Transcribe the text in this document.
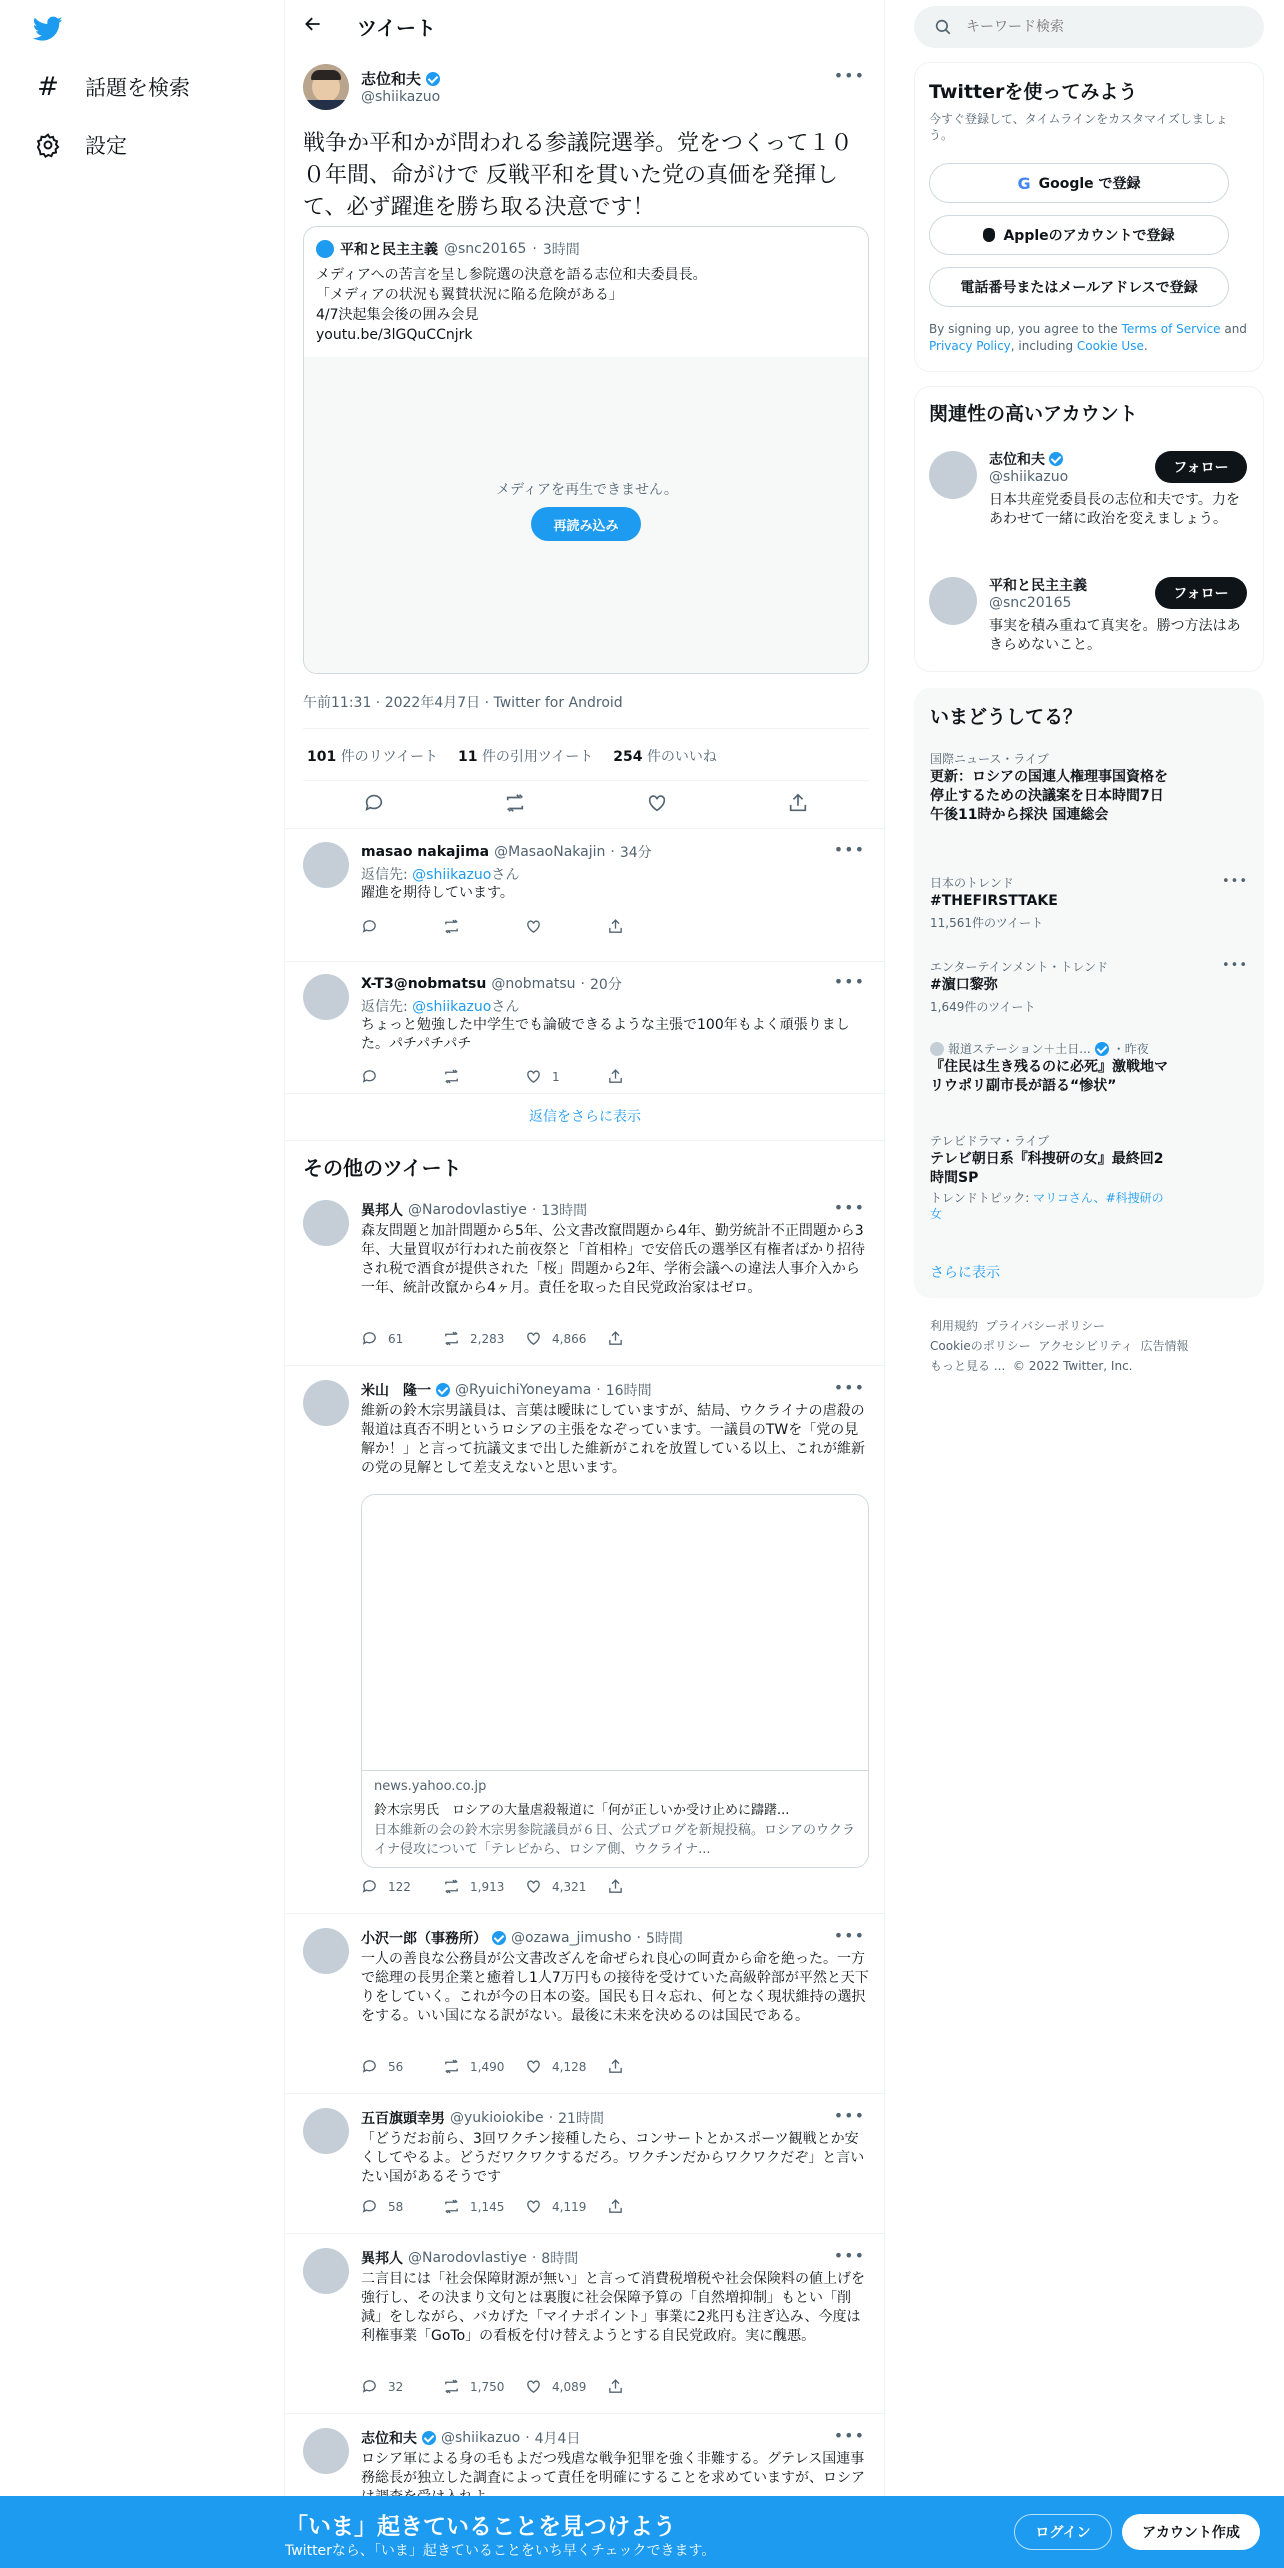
# 話題を検索
設定
ツイート
志位和夫
@shiikazuo
•••
戦争か平和かが問われる参議院選挙。党をつくって１００年間、命がけで 反戦平和を貫いた党の真価を発揮して、必ず躍進を勝ち取る決意です！
平和と民主主義 @snc20165 · 3時間
メディアへの苦言を呈し参院選の決意を語る志位和夫委員長。
「メディアの状況も翼賛状況に陥る危険がある」
4/7決起集会後の囲み会見
youtu.be/3lGQuCCnjrk
メディアを再生できません。
再読み込み
午前11:31 · 2022年4月7日 · Twitter for Android
101 件のリツイート 11 件の引用ツイート 254 件のいいね
masao nakajima @MasaoNakajin · 34分	•••
返信先: @shiikazuoさん
躍進を期待しています。
X-T3@nobmatsu @nobmatsu · 20分	•••
返信先: @shiikazuoさん
ちょっと勉強した中学生でも論破できるような主張で100年もよく頑張りました。パチパチパチ
1
返信をさらに表示
その他のツイート
異邦人 @Narodovlastiye · 13時間	•••
森友問題と加計問題から5年、公文書改竄問題から4年、勤労統計不正問題から3年、大量買収が行われた前夜祭と「首相枠」で安倍氏の選挙区有権者ばかり招待され税で酒食が提供された「桜」問題から2年、学術会議への違法人事介入から一年、統計改竄から4ヶ月。責任を取った自民党政治家はゼロ。
61	2,283	4,866
米山　隆一 @RyuichiYoneyama · 16時間	•••
維新の鈴木宗男議員は、言葉は曖昧にしていますが、結局、ウクライナの虐殺の報道は真否不明というロシアの主張をなぞっています。一議員のTWを「党の見解か！」と言って抗議文まで出した維新がこれを放置している以上、これが維新の党の見解として差支えないと思います。
news.yahoo.co.jp
鈴木宗男氏　ロシアの大量虐殺報道に「何が正しいか受け止めに躊躇...
日本維新の会の鈴木宗男参院議員が６日、公式ブログを新規投稿。ロシアのウクライナ侵攻について「テレビから、ロシア側、ウクライナ...
122	1,913	4,321
小沢一郎（事務所） @ozawa_jimusho · 5時間	•••
一人の善良な公務員が公文書改ざんを命ぜられ良心の呵責から命を絶った。一方で総理の長男企業と癒着し1人7万円もの接待を受けていた高級幹部が平然と天下りをしていく。これが今の日本の姿。国民も日々忘れ、何となく現状維持の選択をする。いい国になる訳がない。最後に未来を決めるのは国民である。
56	1,490	4,128
五百旗頭幸男 @yukioiokibe · 21時間	•••
「どうだお前ら、3回ワクチン接種したら、コンサートとかスポーツ観戦とか安くしてやるよ。どうだワクワクするだろ。ワクチンだからワクワクだぞ」と言いたい国があるそうです
58	1,145	4,119
異邦人 @Narodovlastiye · 8時間	•••
二言目には「社会保障財源が無い」と言って消費税増税や社会保険料の値上げを強行し、その決まり文句とは裏腹に社会保障予算の「自然増抑制」もとい「削減」をしながら、バカげた「マイナポイント」事業に2兆円も注ぎ込み、今度は利権事業「GoTo」の看板を付け替えようとする自民党政府。実に醜悪。
32	1,750	4,089
志位和夫 @shiikazuo · 4月4日	•••
ロシア軍による身の毛もよだつ残虐な戦争犯罪を強く非難する。グテレス国連事務総長が独立した調査によって責任を明確にすることを求めていますが、ロシア
キーワード検索
Twitterを使ってみよう
今すぐ登録して、タイムラインをカスタマイズしましょう。
G Google で登録
Appleのアカウントで登録
電話番号またはメールアドレスで登録
By signing up, you agree to the Terms of Service and Privacy Policy, including Cookie Use.
関連性の高いアカウント
志位和夫
@shiikazuo
日本共産党委員長の志位和夫です。力をあわせて一緒に政治を変えましょう。
フォロー
平和と民主主義
@snc20165
事実を積み重ねて真実を。勝つ方法はあきらめないこと。
フォロー
いまどうしてる？
国際ニュース・ライブ
更新：ロシアの国連人権理事国資格を停止するための決議案を日本時間7日午後11時から採決 国連総会
日本のトレンド
#THEFIRSTTAKE
11,561件のツイート
•••
エンターテインメント・トレンド
#濵口黎弥
1,649件のツイート
•••
報道ステーション＋土日... ・昨夜
『住民は生き残るのに必死』激戦地マリウポリ副市長が語る“惨状”
テレビドラマ・ライブ
テレビ朝日系『科捜研の女』最終回2時間SP
トレンドトピック: マリコさん、#科捜研の女
さらに表示
利用規約 プライバシーポリシー
Cookieのポリシー アクセシビリティ 広告情報
もっと見る ... © 2022 Twitter, Inc.
「いま」起きていることを見つけよう
Twitterなら、「いま」起きていることをいち早くチェックできます。
ログイン	アカウント作成
